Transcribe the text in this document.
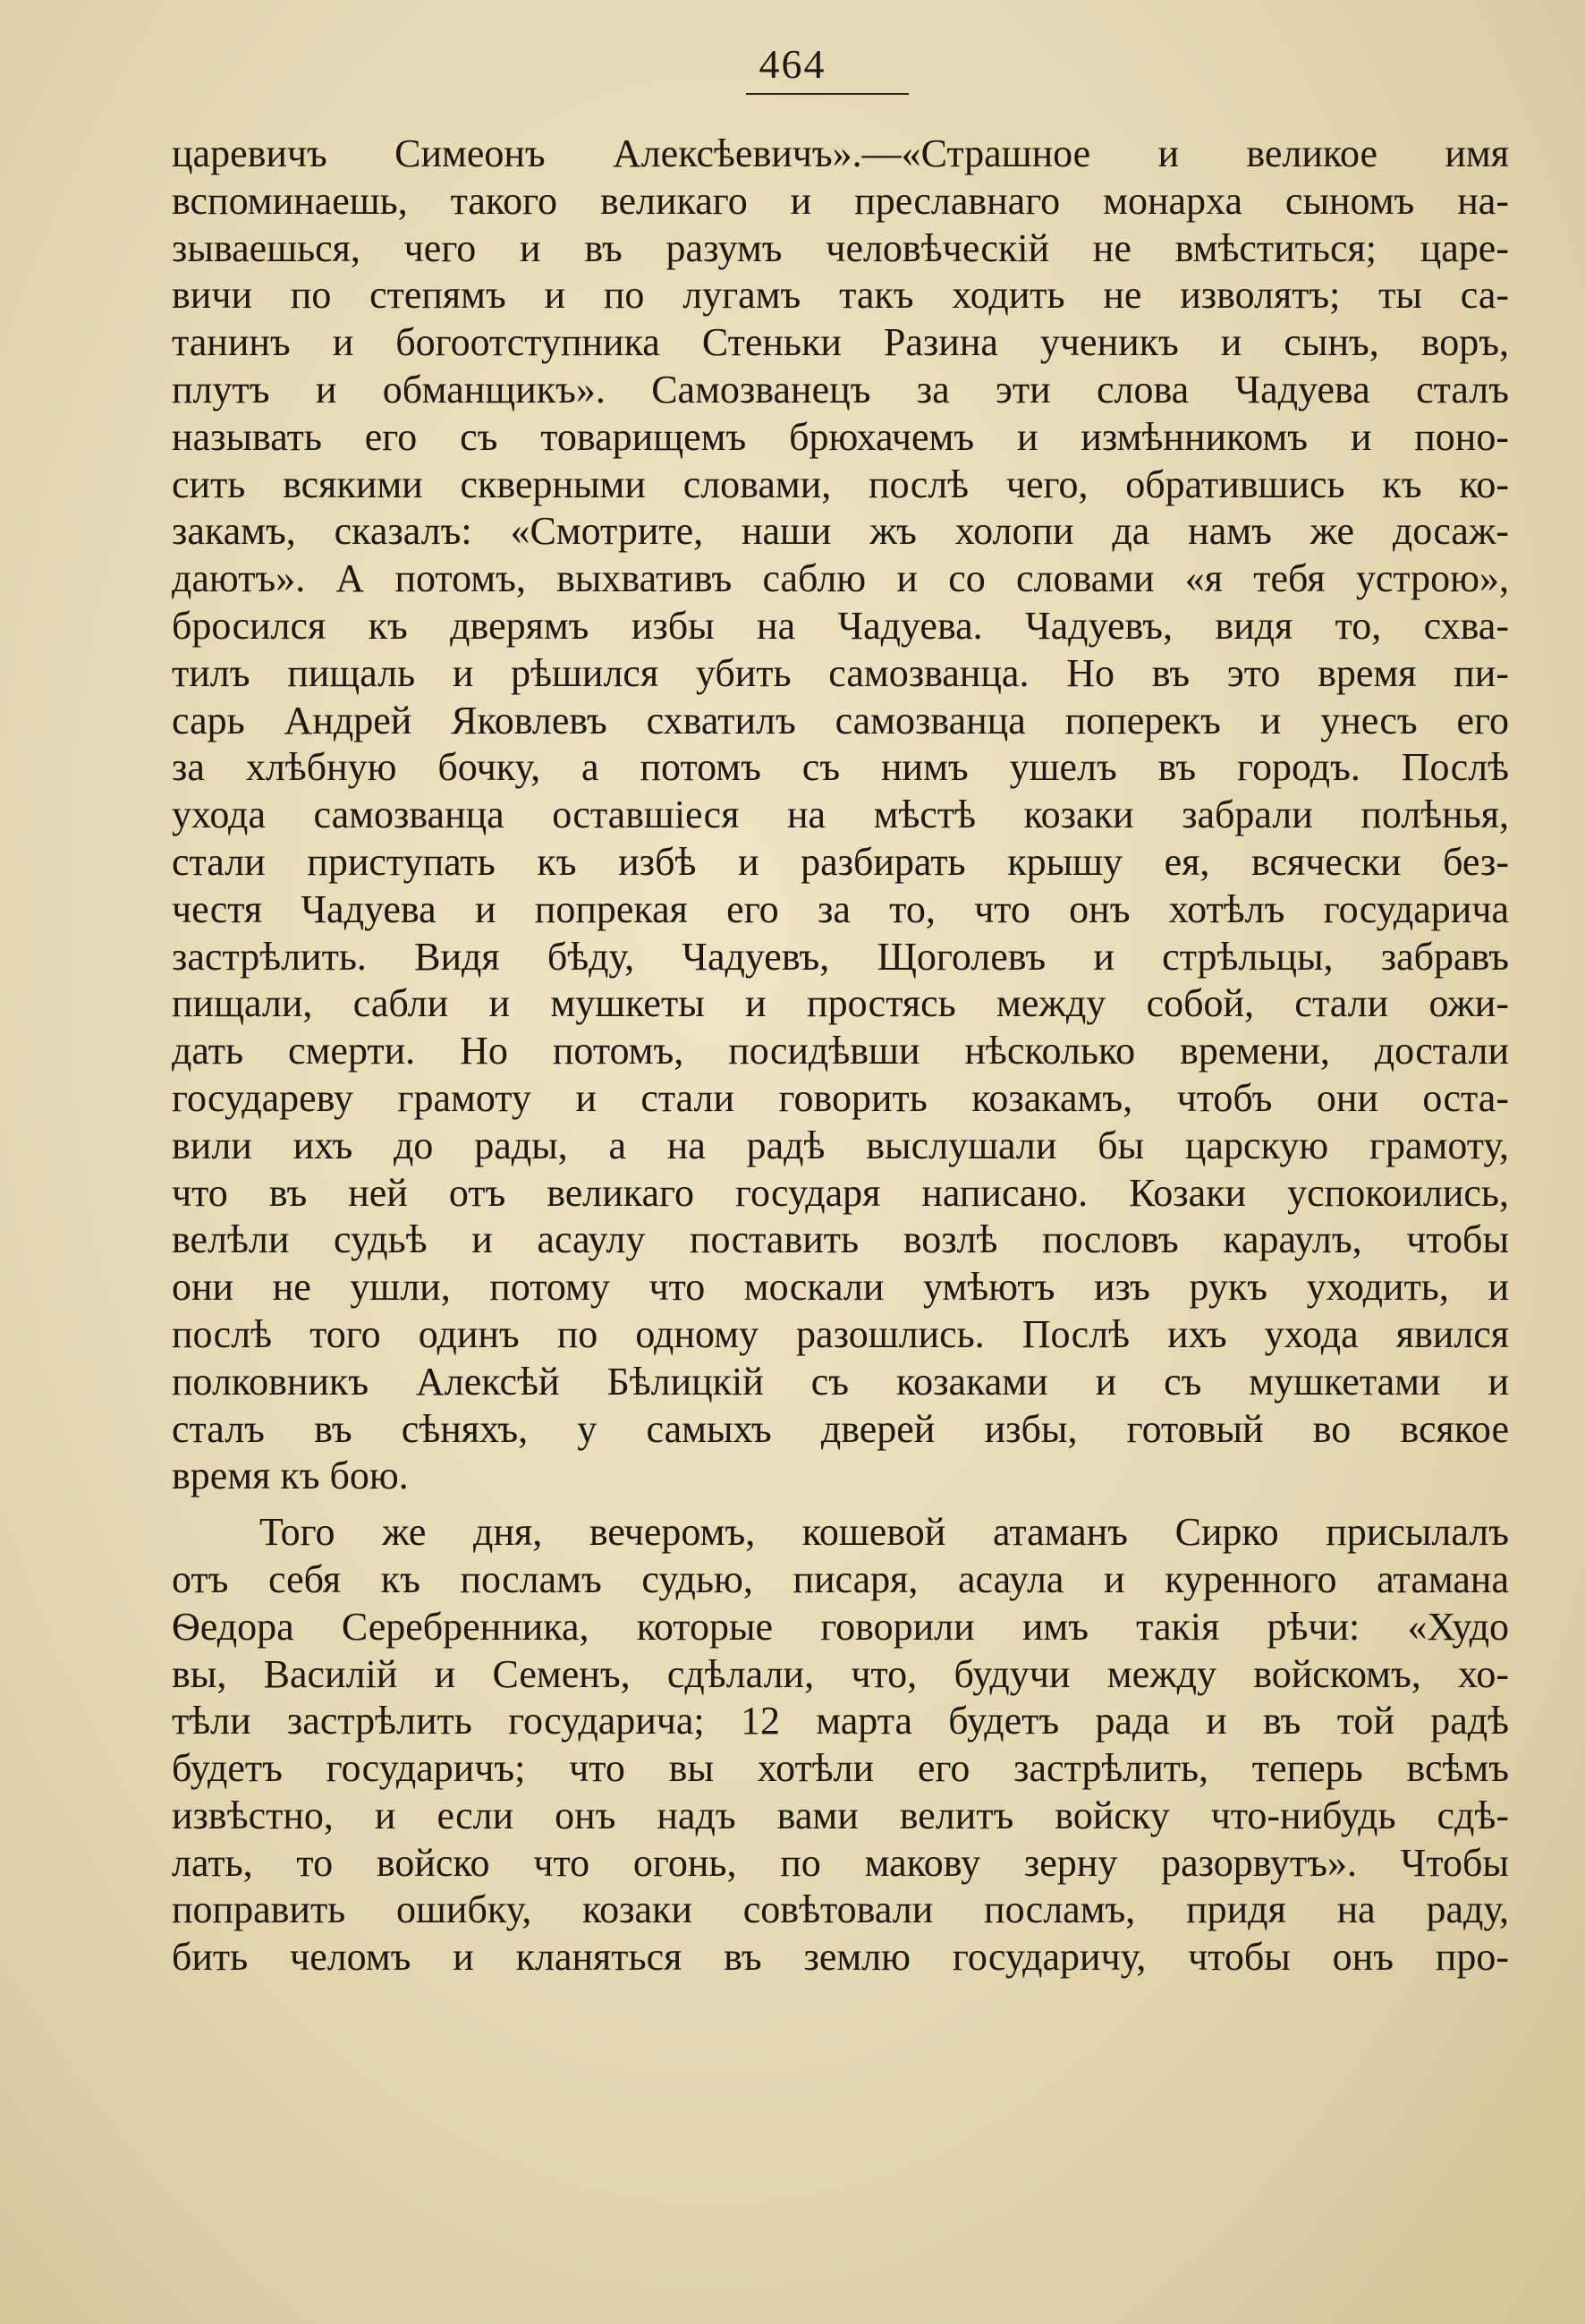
464
царевичъ Симеонъ Алексѣевичъ».—«Страшное и великое имя
вспоминаешь, такого великаго и преславнаго монарха сыномъ на-
зываешься, чего и въ разумъ человѣческій не вмѣститься; царе-
вичи по степямъ и по лугамъ такъ ходить не изволятъ; ты са-
танинъ и богоотступника Стеньки Разина ученикъ и сынъ, воръ,
плутъ и обманщикъ». Самозванецъ за эти слова Чадуева сталъ
называть его съ товарищемъ брюхачемъ и измѣнникомъ и поно-
сить всякими скверными словами, послѣ чего, обратившись къ ко-
закамъ, сказалъ: «Смотрите, наши жъ холопи да намъ же досаж-
даютъ». А потомъ, выхвативъ саблю и со словами «я тебя устрою»,
бросился къ дверямъ избы на Чадуева. Чадуевъ, видя то, схва-
тилъ пищаль и рѣшился убить самозванца. Но въ это время пи-
сарь Андрей Яковлевъ схватилъ самозванца поперекъ и унесъ его
за хлѣбную бочку, а потомъ съ нимъ ушелъ въ городъ. Послѣ
ухода самозванца оставшіеся на мѣстѣ козаки забрали полѣнья,
стали приступать къ избѣ и разбирать крышу ея, всячески без-
честя Чадуева и попрекая его за то, что онъ хотѣлъ государича
застрѣлить. Видя бѣду, Чадуевъ, Щоголевъ и стрѣльцы, забравъ
пищали, сабли и мушкеты и простясь между собой, стали ожи-
дать смерти. Но потомъ, посидѣвши нѣсколько времени, достали
государеву грамоту и стали говорить козакамъ, чтобъ они оста-
вили ихъ до рады, а на радѣ выслушали бы царскую грамоту,
что въ ней отъ великаго государя написано. Козаки успокоились,
велѣли судьѣ и асаулу поставить возлѣ пословъ караулъ, чтобы
они не ушли, потому что москали умѣютъ изъ рукъ уходить, и
послѣ того одинъ по одному разошлись. Послѣ ихъ ухода явился
полковникъ Алексѣй Бѣлицкій съ козаками и съ мушкетами и
сталъ въ сѣняхъ, у самыхъ дверей избы, готовый во всякое
время къ бою.
Того же дня, вечеромъ, кошевой атаманъ Сирко присылалъ
отъ себя къ посламъ судью, писаря, асаула и куренного атамана
Ѳедора Серебренника, которые говорили имъ такія рѣчи: «Худо
вы, Василій и Семенъ, сдѣлали, что, будучи между войскомъ, хо-
тѣли застрѣлить государича; 12 марта будетъ рада и въ той радѣ
будетъ государичъ; что вы хотѣли его застрѣлить, теперь всѣмъ
извѣстно, и если онъ надъ вами велитъ войску что-нибудь сдѣ-
лать, то войско что огонь, по макову зерну разорвутъ». Чтобы
поправить ошибку, козаки совѣтовали посламъ, придя на раду,
бить челомъ и кланяться въ землю государичу, чтобы онъ про-
